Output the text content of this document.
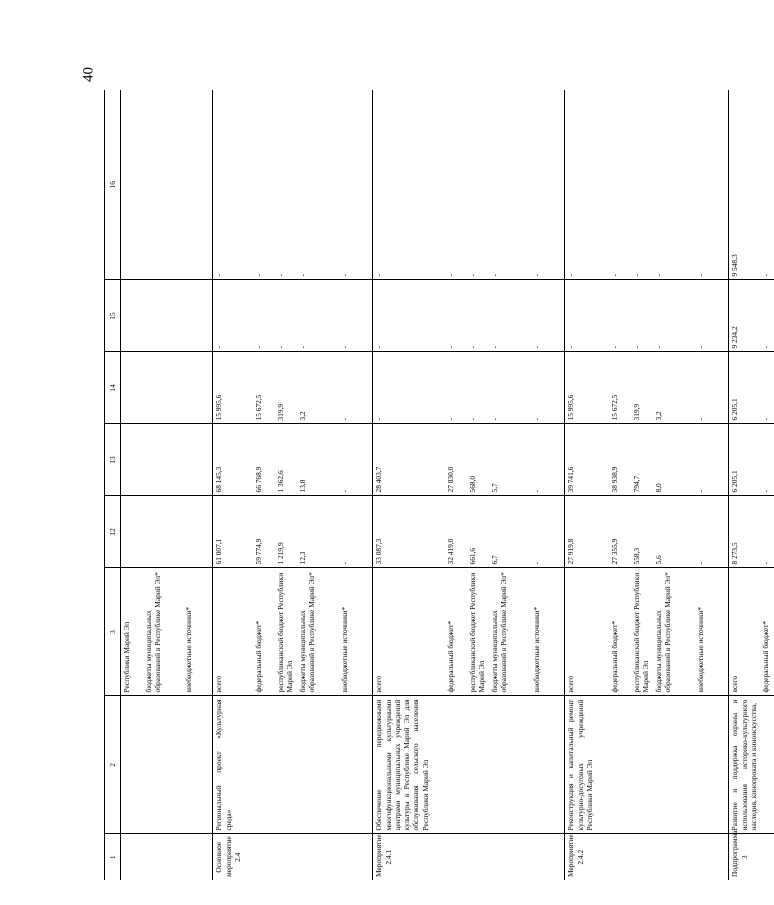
40
1	2	3	12	13	14	15	16
		Республики Марий Эл					
		бюджеты муниципальных образований в Республике Марий Эл*					
		внебюджетные источники*					
Основное мероприятие 2.4	Региональный проект «Культурная среда»	всего	61 007,1	68 145,3	15 995,6	-	-
		федеральный бюджет*	59 774,9	66 768,9	15 672,5	-	-
		республиканский бюджет Республики Марий Эл	1 219,9	1 362,6	319,9	-	-
		бюджеты муниципальных образований в Республике Марий Эл*	12,3	13,8	3,2	-	-
		внебюджетные источники*	-	-	-	-	-
Мероприятие 2.4.1	Обеспечение передвижными многофункциональными культурными центрами муниципальных учреждений культуры в Республике Марий Эл для обслуживания сельского населения Республики Марий Эл	всего	33 087,3	28 403,7	-	-	-
		федеральный бюджет*	32 419,0	27 830,0	-	-	-
		республиканский бюджет Республики Марий Эл	661,6	568,0	-	-	-
		бюджеты муниципальных образований в Республике Марий Эл*	6,7	5,7	-	-	-
		внебюджетные источники*	-	-	-	-	-
Мероприятие 2.4.2	Реконструкция и капитальный ремонт культурно-досуговых учреждений Республики Марий Эл	всего	27 919,8	39 741,6	15 995,6	-	-
		федеральный бюджет*	27 355,9	38 938,9	15 672,5	-	-
		республиканский бюджет Республики Марий Эл	558,3	794,7	319,9	-	-
		бюджеты муниципальных образований в Республике Марий Эл*	5,6	8,0	3,2	-	-
		внебюджетные источники*	-	-	-	-	-
Подпрограмма 3	Развитие и поддержка охраны и использования историко-культурного наследия, кинопроката и киноискусства,	всего	8 273,5	6 205,1	6 205,1	9 234,2	9 548,3
		федеральный бюджет*	-	-	-	-	-
